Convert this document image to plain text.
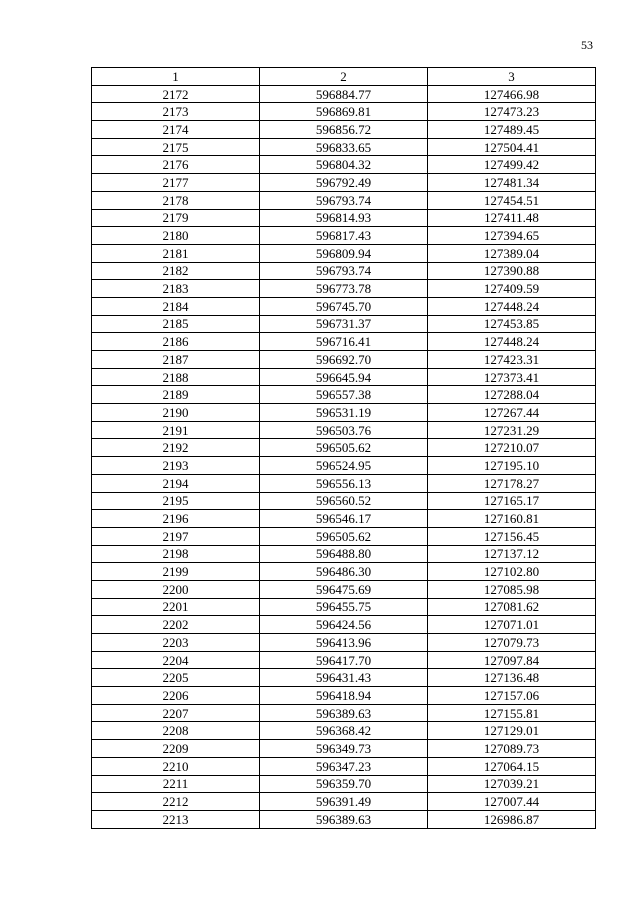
53
1	2	3
2172	596884.77	127466.98
2173	596869.81	127473.23
2174	596856.72	127489.45
2175	596833.65	127504.41
2176	596804.32	127499.42
2177	596792.49	127481.34
2178	596793.74	127454.51
2179	596814.93	127411.48
2180	596817.43	127394.65
2181	596809.94	127389.04
2182	596793.74	127390.88
2183	596773.78	127409.59
2184	596745.70	127448.24
2185	596731.37	127453.85
2186	596716.41	127448.24
2187	596692.70	127423.31
2188	596645.94	127373.41
2189	596557.38	127288.04
2190	596531.19	127267.44
2191	596503.76	127231.29
2192	596505.62	127210.07
2193	596524.95	127195.10
2194	596556.13	127178.27
2195	596560.52	127165.17
2196	596546.17	127160.81
2197	596505.62	127156.45
2198	596488.80	127137.12
2199	596486.30	127102.80
2200	596475.69	127085.98
2201	596455.75	127081.62
2202	596424.56	127071.01
2203	596413.96	127079.73
2204	596417.70	127097.84
2205	596431.43	127136.48
2206	596418.94	127157.06
2207	596389.63	127155.81
2208	596368.42	127129.01
2209	596349.73	127089.73
2210	596347.23	127064.15
2211	596359.70	127039.21
2212	596391.49	127007.44
2213	596389.63	126986.87
